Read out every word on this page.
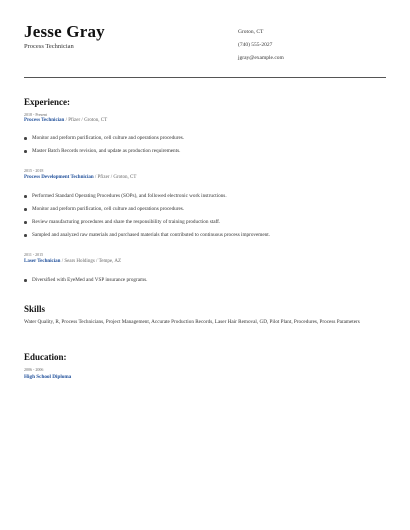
Jesse Gray
Process Technician
Groton, CT
(740) 555-2027
jgray@example.com
Experience:
2018 - Present
Process Technician / Pfizer / Groton, CT
Monitor and preform purification, cell culture and operations procedures.
Master Batch Records revision, and update as production requirements.
2015 - 2018
Process Development Technician / Pfizer / Groton, CT
Performed Standard Operating Procedures (SOPs), and followed electronic work instructions.
Monitor and preform purification, cell culture and operations procedures.
Review manufacturing procedures and share the responsibility of training production staff.
Sampled and analyzed raw materials and purchased materials that contributed to continuous process improvement.
2011 - 2015
Laser Technician / Sears Holdings / Tempe, AZ
Diversified with EyeMed and VSP insurance programs.
Skills
Water Quality, R, Process Technicians, Project Management, Accurate Production Records, Laser Hair Removal, GD, Pilot Plant, Procedures, Process Parameters
Education:
2006 - 2006
High School Diploma
